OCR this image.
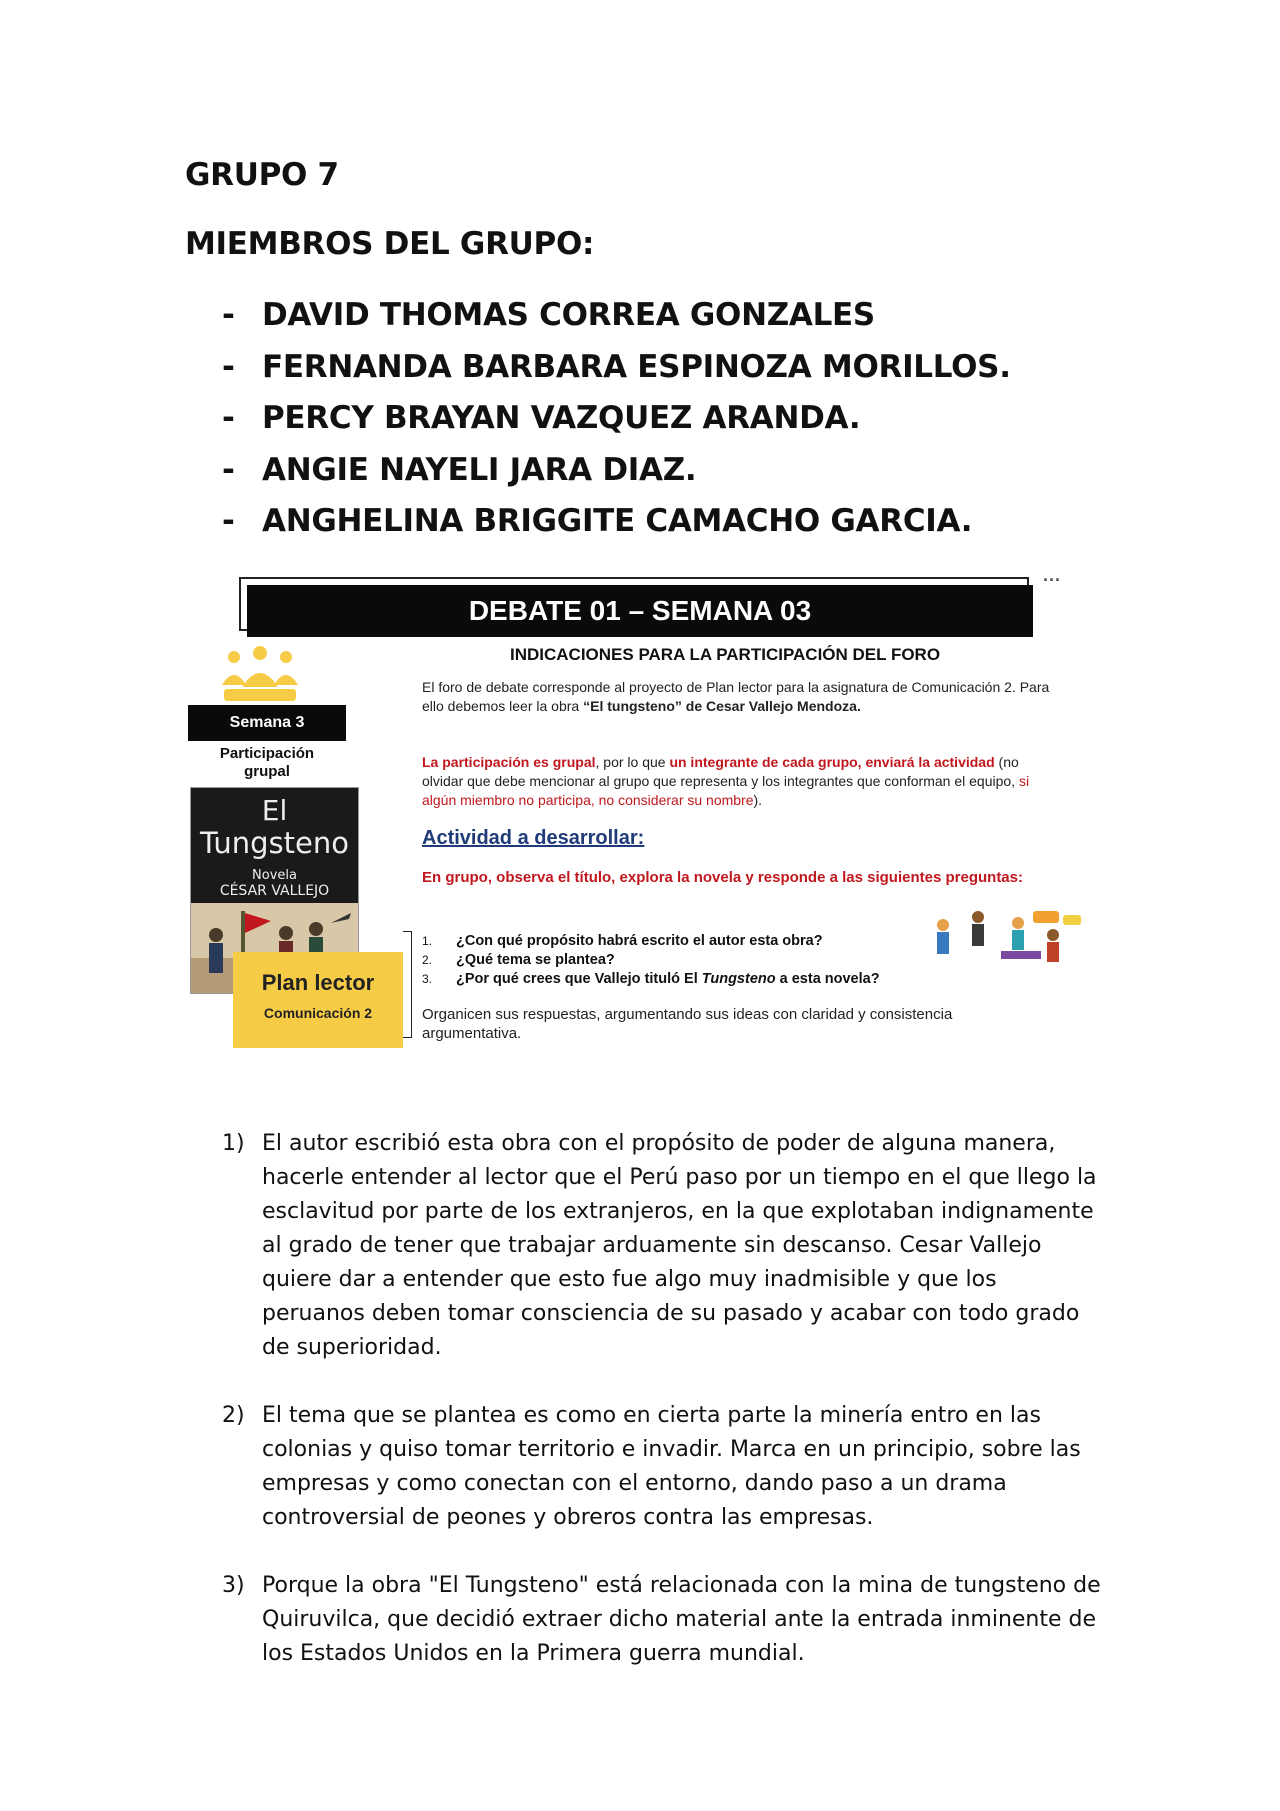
GRUPO 7
MIEMBROS DEL GRUPO:
- DAVID THOMAS CORREA GONZALES
- FERNANDA BARBARA ESPINOZA MORILLOS.
- PERCY BRAYAN VAZQUEZ ARANDA.
- ANGIE NAYELI JARA DIAZ.
- ANGHELINA BRIGGITE CAMACHO GARCIA.
...
DEBATE 01 – SEMANA 03
INDICACIONES PARA LA PARTICIPACIÓN DEL FORO
Semana 3
Participación
grupal
El
Tungsteno
Novela
CÉSAR VALLEJO
Plan lector
Comunicación 2

El foro de debate corresponde al proyecto de Plan lector para la asignatura de Comunicación 2. Para ello debemos leer la obra “El tungsteno” de Cesar Vallejo Mendoza.

La participación es grupal, por lo que un integrante de cada grupo, enviará la actividad (no olvidar que debe mencionar al grupo que representa y los integrantes que conforman el equipo, si algún miembro no participa, no considerar su nombre).

Actividad a desarrollar:

En grupo, observa el título, explora la novela y responde a las siguientes preguntas:

1. ¿Con qué propósito habrá escrito el autor esta obra?
2. ¿Qué tema se plantea?
3. ¿Por qué crees que Vallejo tituló El Tungsteno a esta novela?

Organicen sus respuestas, argumentando sus ideas con claridad y consistencia argumentativa.

1) El autor escribió esta obra con el propósito de poder de alguna manera, hacerle entender al lector que el Perú paso por un tiempo en el que llego la esclavitud por parte de los extranjeros, en la que explotaban indignamente al grado de tener que trabajar arduamente sin descanso. Cesar Vallejo quiere dar a entender que esto fue algo muy inadmisible y que los peruanos deben tomar consciencia de su pasado y acabar con todo grado de superioridad.
2) El tema que se plantea es como en cierta parte la minería entro en las colonias y quiso tomar territorio e invadir. Marca en un principio, sobre las empresas y como conectan con el entorno, dando paso a un drama controversial de peones y obreros contra las empresas.
3) Porque la obra "El Tungsteno" está relacionada con la mina de tungsteno de Quiruvilca, que decidió extraer dicho material ante la entrada inminente de los Estados Unidos en la Primera guerra mundial.
